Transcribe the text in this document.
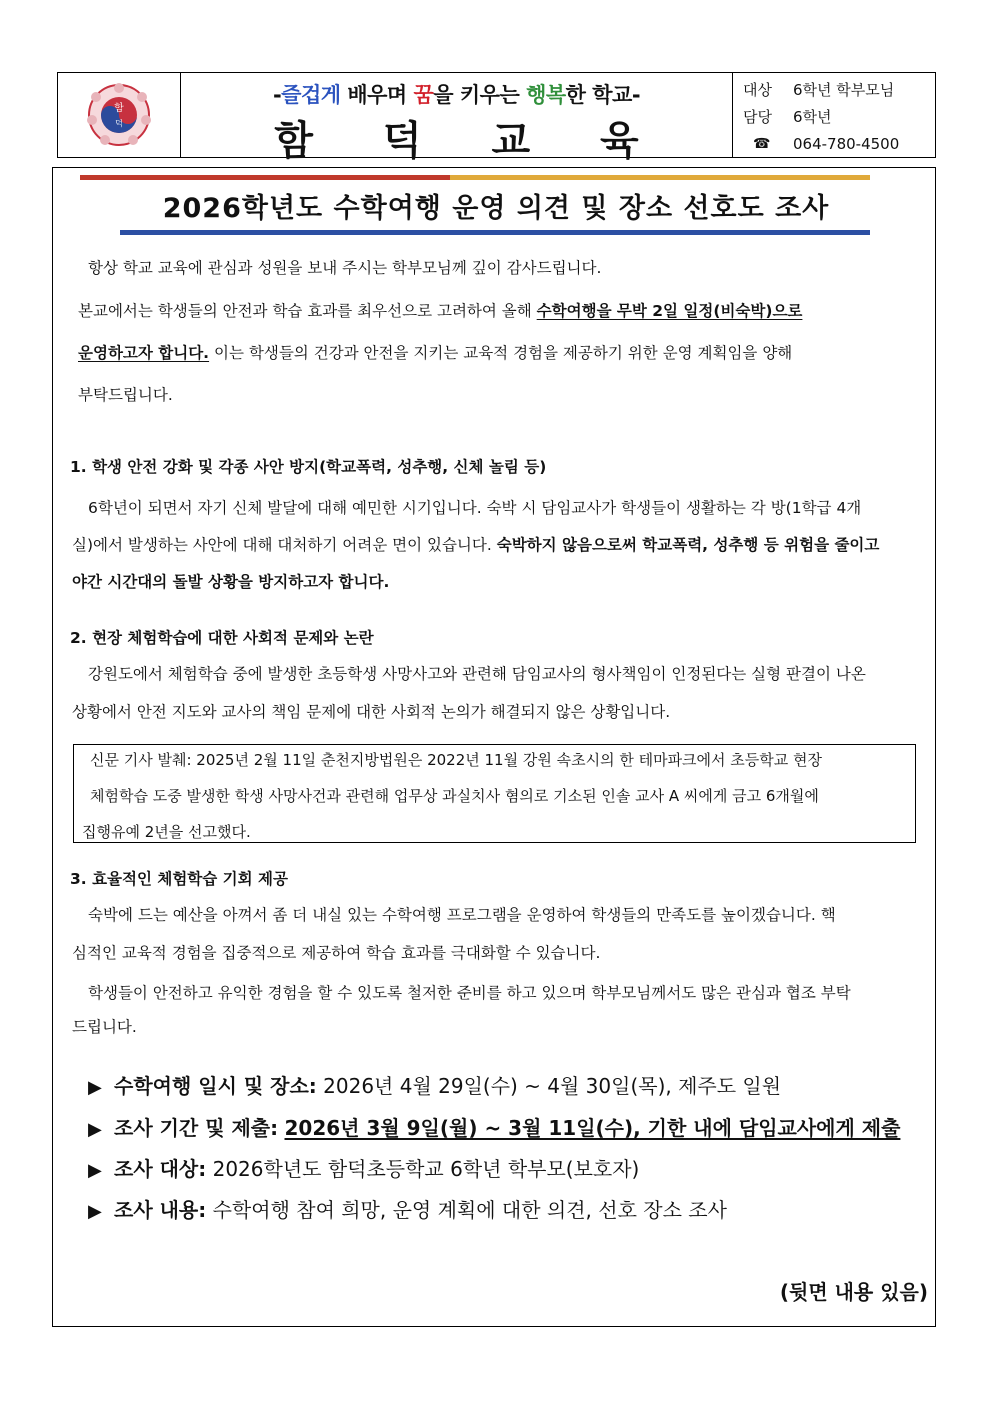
함
덕
-즐겁게 배우며 꿈을 키우는 행복한 학교-
함 덕 교 육
대상	6학년 학부모님
담당	6학년
☎	064-780-4500
2026학년도 수학여행 운영 의견 및 장소 선호도 조사
항상 학교 교육에 관심과 성원을 보내 주시는 학부모님께 깊이 감사드립니다.
본교에서는 학생들의 안전과 학습 효과를 최우선으로 고려하여 올해 수학여행을 무박 2일 일정(비숙박)으로
운영하고자 합니다. 이는 학생들의 건강과 안전을 지키는 교육적 경험을 제공하기 위한 운영 계획임을 양해
부탁드립니다.
1. 학생 안전 강화 및 각종 사안 방지(학교폭력, 성추행, 신체 놀림 등)
6학년이 되면서 자기 신체 발달에 대해 예민한 시기입니다. 숙박 시 담임교사가 학생들이 생활하는 각 방(1학급 4개
실)에서 발생하는 사안에 대해 대처하기 어려운 면이 있습니다. 숙박하지 않음으로써 학교폭력, 성추행 등 위험을 줄이고
야간 시간대의 돌발 상황을 방지하고자 합니다.
2. 현장 체험학습에 대한 사회적 문제와 논란
강원도에서 체험학습 중에 발생한 초등학생 사망사고와 관련해 담임교사의 형사책임이 인정된다는 실형 판결이 나온
상황에서 안전 지도와 교사의 책임 문제에 대한 사회적 논의가 해결되지 않은 상황입니다.
신문 기사 발췌: 2025년 2월 11일 춘천지방법원은 2022년 11월 강원 속초시의 한 테마파크에서 초등학교 현장
체험학습 도중 발생한 학생 사망사건과 관련해 업무상 과실치사 혐의로 기소된 인솔 교사 A 씨에게 금고 6개월에
집행유예 2년을 선고했다.
3. 효율적인 체험학습 기회 제공
숙박에 드는 예산을 아껴서 좀 더 내실 있는 수학여행 프로그램을 운영하여 학생들의 만족도를 높이겠습니다. 핵
심적인 교육적 경험을 집중적으로 제공하여 학습 효과를 극대화할 수 있습니다.
학생들이 안전하고 유익한 경험을 할 수 있도록 철저한 준비를 하고 있으며 학부모님께서도 많은 관심과 협조 부탁
드립니다.
▶ 수학여행 일시 및 장소: 2026년 4월 29일(수) ~ 4월 30일(목), 제주도 일원
▶ 조사 기간 및 제출: 2026년 3월 9일(월) ~ 3월 11일(수), 기한 내에 담임교사에게 제출
▶ 조사 대상: 2026학년도 함덕초등학교 6학년 학부모(보호자)
▶ 조사 내용: 수학여행 참여 희망, 운영 계획에 대한 의견, 선호 장소 조사
(뒷면 내용 있음)
